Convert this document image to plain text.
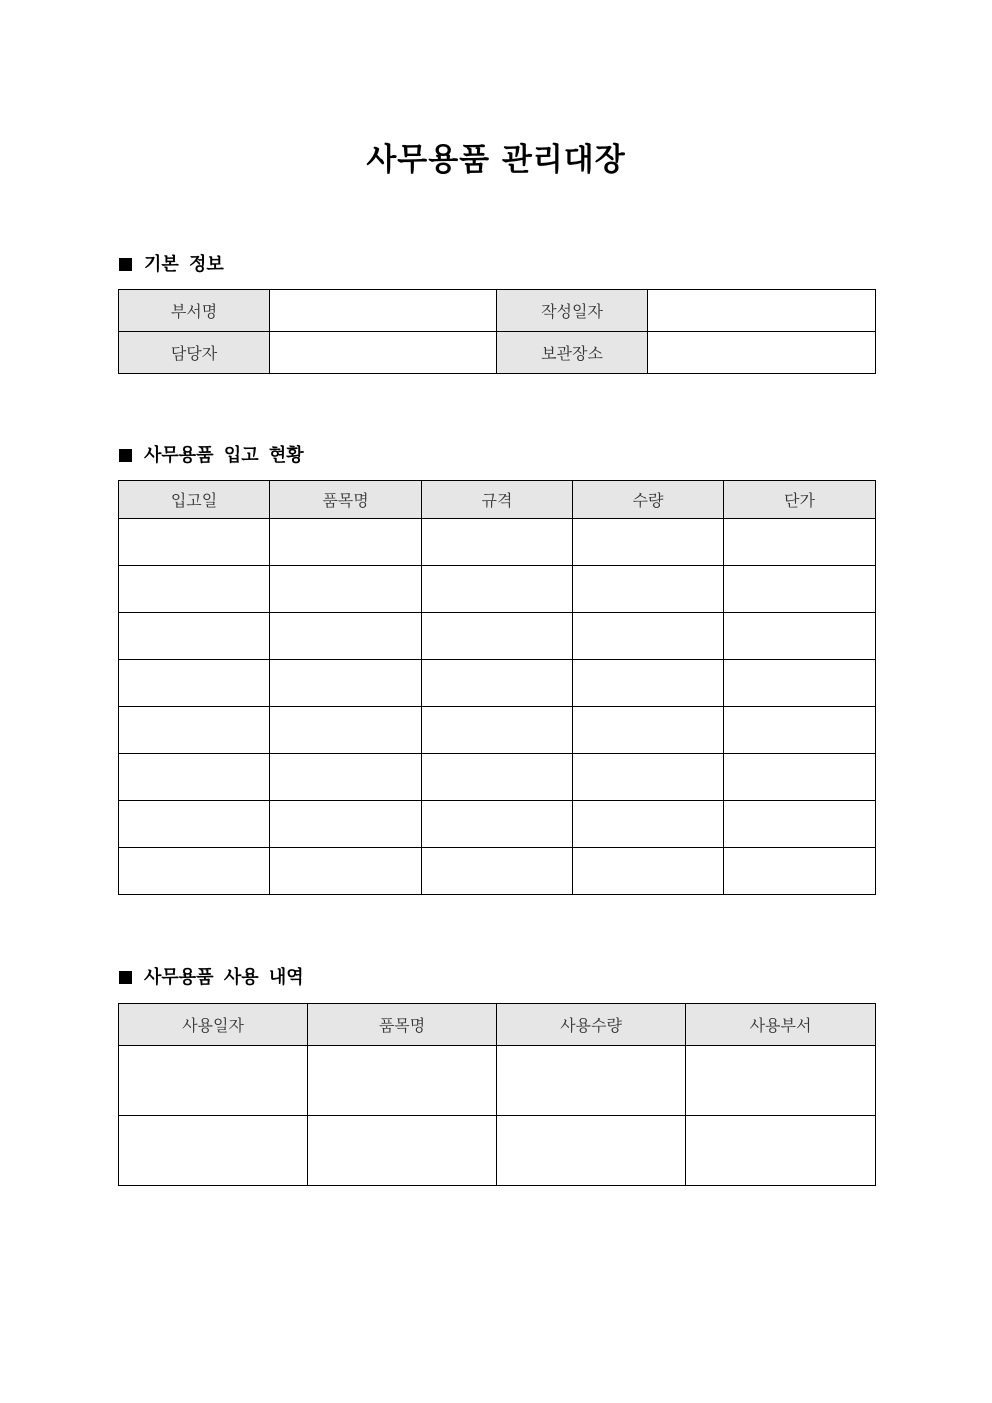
사무용품 관리대장
기본 정보
부서명		작성일자	
담당자		보관장소	
사무용품 입고 현황
입고일	품목명	규격	수량	단가

사무용품 사용 내역
사용일자	품목명	사용수량	사용부서
